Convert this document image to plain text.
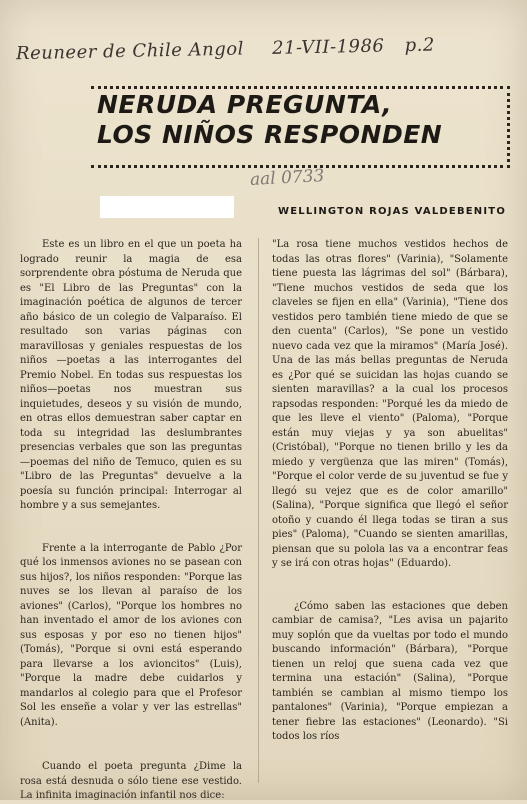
Reuneer de Chile Angol 21-VII-1986 p.2
NERUDA PREGUNTA,
LOS NIÑOS RESPONDEN
aal 0733
WELLINGTON ROJAS VALDEBENITO

Este es un libro en el que un poeta ha logrado reunir la magia de esa sorprendente obra póstuma de Neruda que es "El Libro de las Preguntas" con la imaginación poética de algunos de tercer año básico de un colegio de Valparaíso. El resultado son varias páginas con maravillosas y geniales respuestas de los niños —poetas a las interrogantes del Premio Nobel. En todas sus respuestas los niños—poetas nos muestran sus inquietudes, deseos y su visión de mundo, en otras ellos demuestran saber captar en toda su integridad las deslumbrantes presencias verbales que son las preguntas—poemas del niño de Temuco, quien es su "Libro de las Preguntas" devuelve a la poesía su función principal: Interrogar al hombre y a sus semejantes.

Frente a la interrogante de Pablo ¿Por qué los inmensos aviones no se pasean con sus hijos?, los niños responden: "Porque las nuves se los llevan al paraíso de los aviones" (Carlos), "Porque los hombres no han inventado el amor de los aviones con sus esposas y por eso no tienen hijos" (Tomás), "Porque si ovni está esperando para llevarse a los avioncitos" (Luis), "Porque la madre debe cuidarlos y mandarlos al colegio para que el Profesor Sol les enseñe a volar y ver las estrellas" (Anita).

Cuando el poeta pregunta ¿Dime la rosa está desnuda o sólo tiene ese vestido. La infinita imaginación infantil nos dice:

"La rosa tiene muchos vestidos hechos de todas las otras flores" (Varinia), "Solamente tiene puesta las lágrimas del sol" (Bárbara), "Tiene muchos vestidos de seda que los claveles se fijen en ella" (Varinia), "Tiene dos vestidos pero también tiene miedo de que se den cuenta" (Carlos), "Se pone un vestido nuevo cada vez que la miramos" (María José). Una de las más bellas preguntas de Neruda es ¿Por qué se suicidan las hojas cuando se sienten maravillas? a la cual los procesos rapsodas responden: "Porqué les da miedo de que les lleve el viento" (Paloma), "Porque están muy viejas y ya son abuelitas" (Cristóbal), "Porque no tienen brillo y les da miedo y vergüenza que las miren" (Tomás), "Porque el color verde de su juventud se fue y llegó su vejez que es de color amarillo" (Salina), "Porque significa que llegó el señor otoño y cuando él llega todas se tiran a sus pies" (Paloma), "Cuando se sienten amarillas, piensan que su polola las va a encontrar feas y se irá con otras hojas" (Eduardo).

¿Cómo saben las estaciones que deben cambiar de camisa?, "Les avisa un pajarito muy soplón que da vueltas por todo el mundo buscando información" (Bárbara), "Porque tienen un reloj que suena cada vez que termina una estación" (Salina), "Porque también se cambian al mismo tiempo los pantalones" (Varinia), "Porque empiezan a tener fiebre las estaciones" (Leonardo). "Si todos los ríos
